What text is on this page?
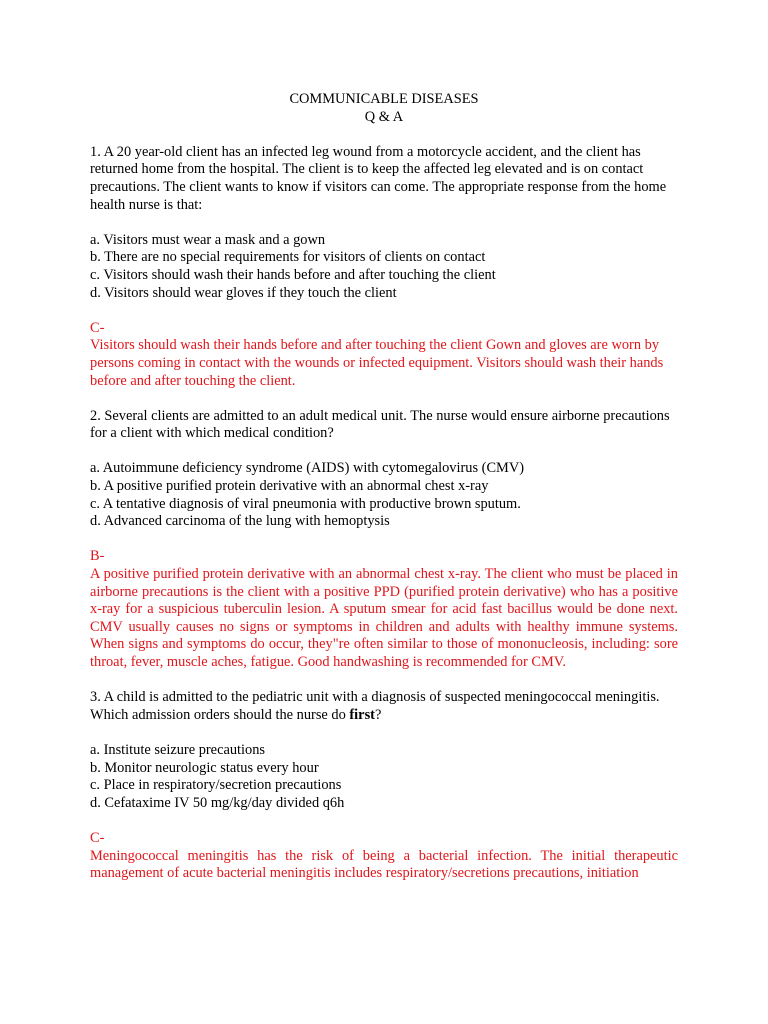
COMMUNICABLE DISEASES

Q & A

1. A 20 year-old client has an infected leg wound from a motorcycle accident, and the client has returned home from the hospital. The client is to keep the affected leg elevated and is on contact precautions. The client wants to know if visitors can come. The appropriate response from the home health nurse is that:

a. Visitors must wear a mask and a gown

b. There are no special requirements for visitors of clients on contact

c. Visitors should wash their hands before and after touching the client

d. Visitors should wear gloves if they touch the client

C-

Visitors should wash their hands before and after touching the client Gown and gloves are worn by persons coming in contact with the wounds or infected equipment. Visitors should wash their hands before and after touching the client.

2. Several clients are admitted to an adult medical unit. The nurse would ensure airborne precautions for a client with which medical condition?

a. Autoimmune deficiency syndrome (AIDS) with cytomegalovirus (CMV)

b. A positive purified protein derivative with an abnormal chest x-ray

c. A tentative diagnosis of viral pneumonia with productive brown sputum.

d. Advanced carcinoma of the lung with hemoptysis

B-

A positive purified protein derivative with an abnormal chest x-ray. The client who must be placed in airborne precautions is the client with a positive PPD (purified protein derivative) who has a positive x-ray for a suspicious tuberculin lesion. A sputum smear for acid fast bacillus would be done next. CMV usually causes no signs or symptoms in children and adults with healthy immune systems. When signs and symptoms do occur, they"re often similar to those of mononucleosis, including: sore throat, fever, muscle aches, fatigue. Good handwashing is recommended for CMV.

3. A child is admitted to the pediatric unit with a diagnosis of suspected meningococcal meningitis. Which admission orders should the nurse do first?

a. Institute seizure precautions

b. Monitor neurologic status every hour

c. Place in respiratory/secretion precautions

d. Cefataxime IV 50 mg/kg/day divided q6h

C-

Meningococcal meningitis has the risk of being a bacterial infection. The initial therapeutic management of acute bacterial meningitis includes respiratory/secretions precautions, initiation
